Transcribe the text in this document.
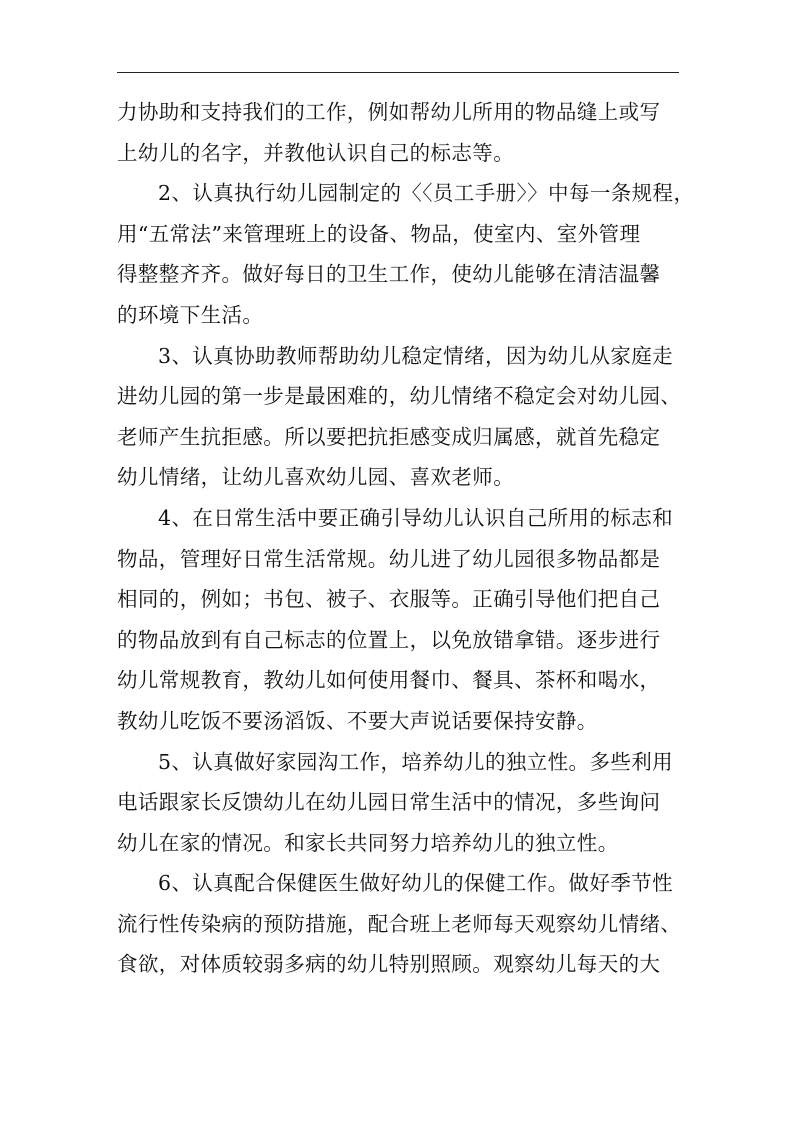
力协助和支持我们的工作，例如帮幼儿所用的物品缝上或写
上幼儿的名字，并教他认识自己的标志等。
2、认真执行幼儿园制定的〈〈员工手册〉〉中每一条规程，
用“五常法”来管理班上的设备、物品，使室内、室外管理
得整整齐齐。做好每日的卫生工作，使幼儿能够在清洁温馨
的环境下生活。
3、认真协助教师帮助幼儿稳定情绪，因为幼儿从家庭走
进幼儿园的第一步是最困难的，幼儿情绪不稳定会对幼儿园、
老师产生抗拒感。所以要把抗拒感变成归属感，就首先稳定
幼儿情绪，让幼儿喜欢幼儿园、喜欢老师。
4、在日常生活中要正确引导幼儿认识自己所用的标志和
物品，管理好日常生活常规。幼儿进了幼儿园很多物品都是
相同的，例如；书包、被子、衣服等。正确引导他们把自己
的物品放到有自己标志的位置上，以免放错拿错。逐步进行
幼儿常规教育，教幼儿如何使用餐巾、餐具、茶杯和喝水，
教幼儿吃饭不要汤滔饭、不要大声说话要保持安静。
5、认真做好家园沟工作，培养幼儿的独立性。多些利用
电话跟家长反馈幼儿在幼儿园日常生活中的情况，多些询问
幼儿在家的情况。和家长共同努力培养幼儿的独立性。
6、认真配合保健医生做好幼儿的保健工作。做好季节性
流行性传染病的预防措施，配合班上老师每天观察幼儿情绪、
食欲，对体质较弱多病的幼儿特别照顾。观察幼儿每天的大
